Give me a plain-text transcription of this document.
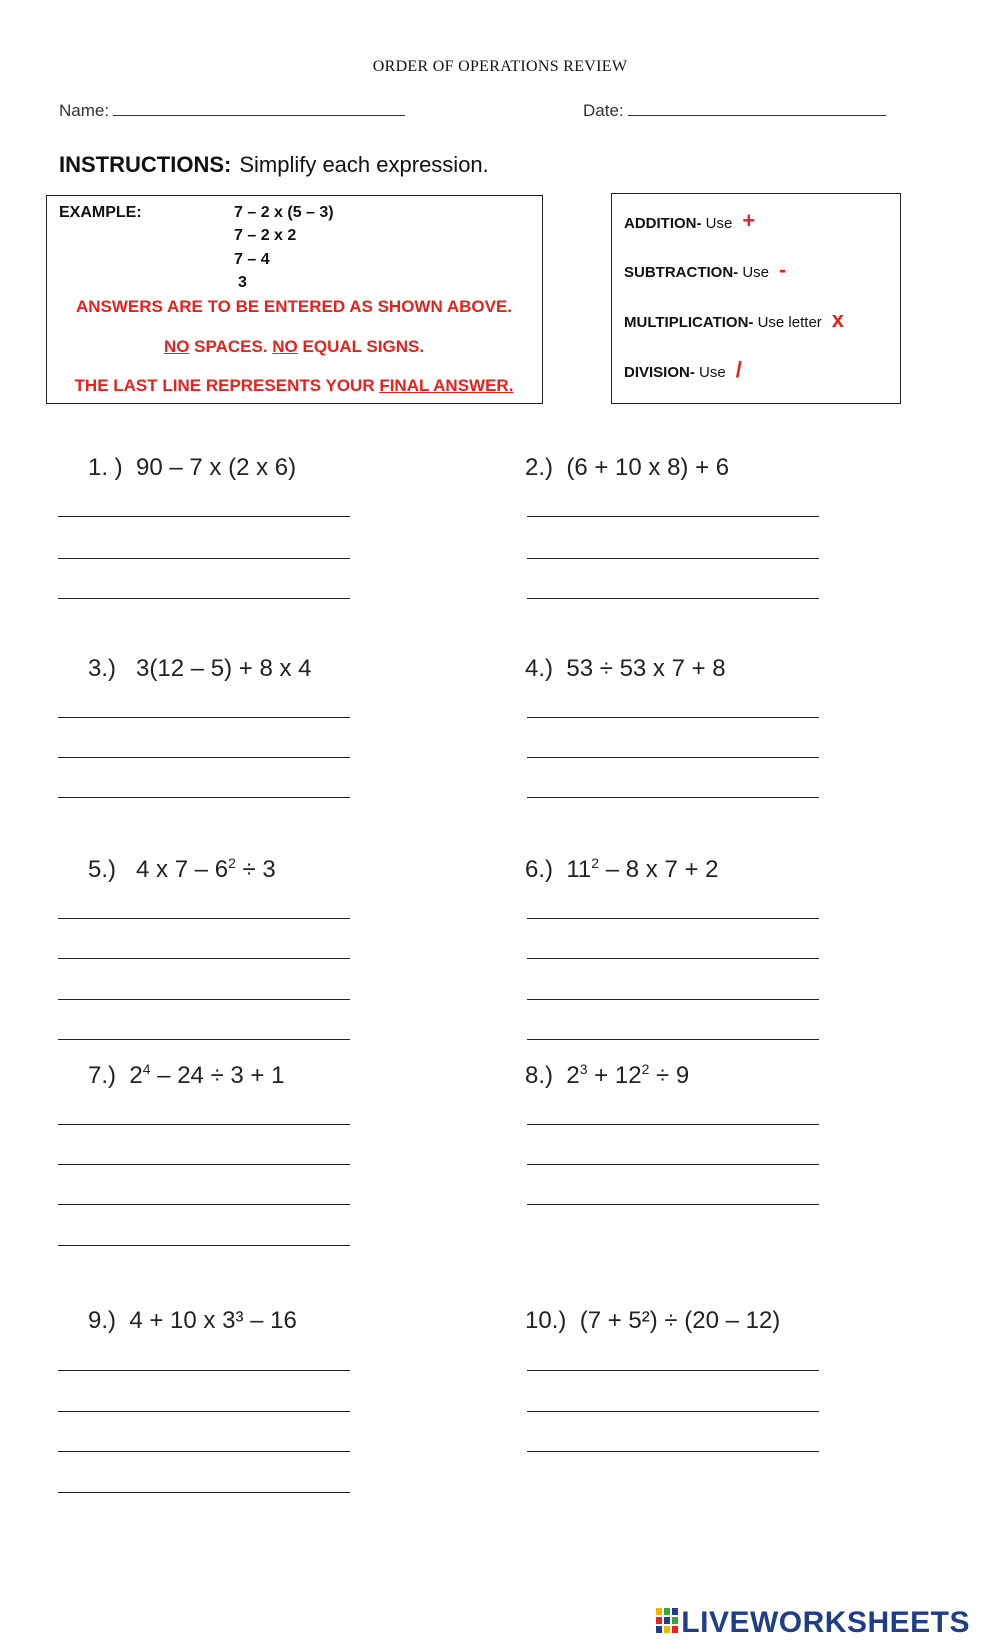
ORDER OF OPERATIONS REVIEW
Name:	Date:
INSTRUCTIONS: Simplify each expression.
EXAMPLE:	7 – 2 x (5 – 3)
7 – 2 x 2
7 – 4
3
ANSWERS ARE TO BE ENTERED AS SHOWN ABOVE.
NO SPACES. NO EQUAL SIGNS.
THE LAST LINE REPRESENTS YOUR FINAL ANSWER.
ADDITION- Use +
SUBTRACTION- Use -
MULTIPLICATION- Use letter x
DIVISION- Use /
1. ) 90 – 7 x (2 x 6)	2.) (6 + 10 x 8) + 6
3.) 3(12 – 5) + 8 x 4	4.) 53 ÷ 53 x 7 + 8
5.) 4 x $7 - 6^2 \div 3$	6.) $11^2 - 8$ x 7 + 2
7.) $2^4 - 24 \div 3 + 1$	8.) $2^3 + 12^2 \div 9$
9.) 4 + 10 x 3³ – 16	10.) (7 + 5²) ÷ (20 – 12)
LIVEWORKSHEETS
